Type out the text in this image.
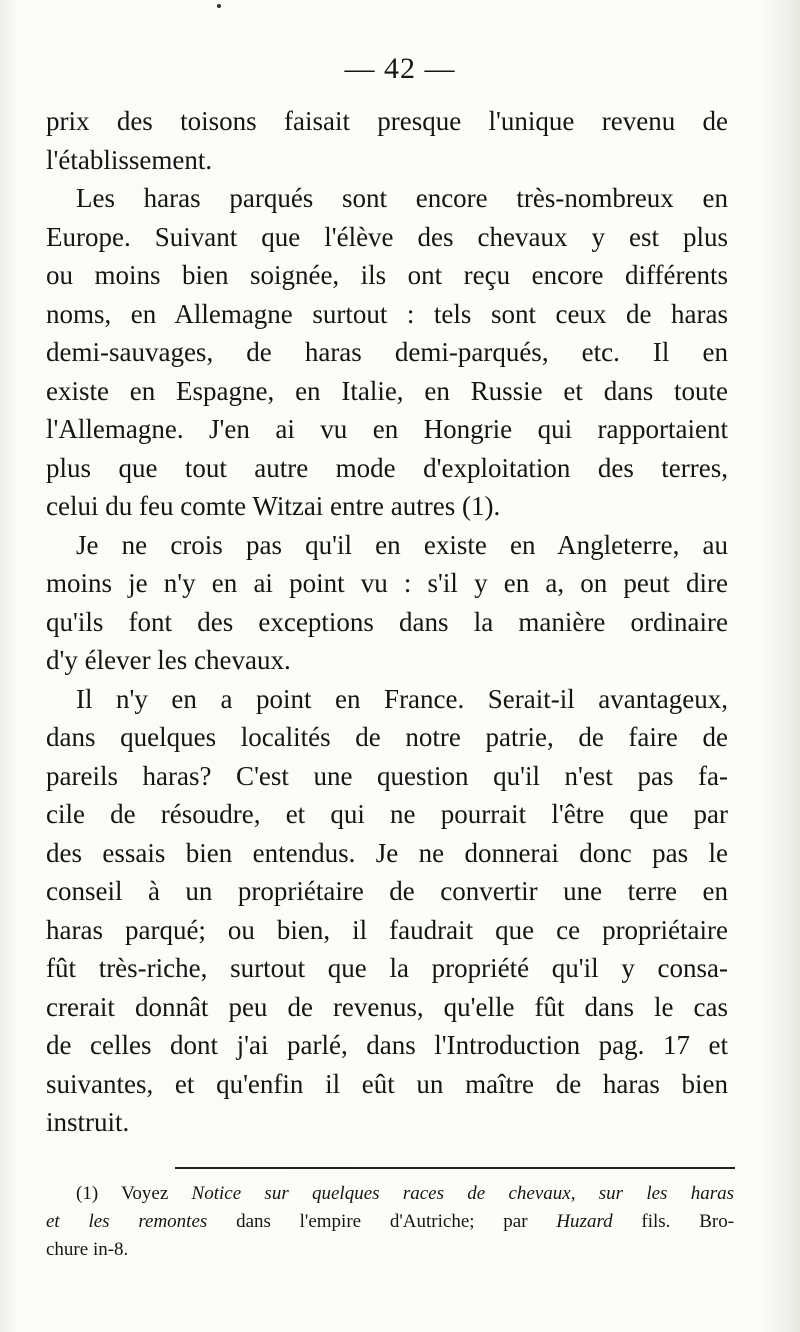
— 42 —

prix des toisons faisait presque l'unique revenu de
l'établissement.

Les haras parqués sont encore très-nombreux en
Europe. Suivant que l'élève des chevaux y est plus
ou moins bien soignée, ils ont reçu encore différents
noms, en Allemagne surtout : tels sont ceux de haras
demi-sauvages, de haras demi-parqués, etc. Il en
existe en Espagne, en Italie, en Russie et dans toute
l'Allemagne. J'en ai vu en Hongrie qui rapportaient
plus que tout autre mode d'exploitation des terres,
celui du feu comte Witzai entre autres (1).

Je ne crois pas qu'il en existe en Angleterre, au
moins je n'y en ai point vu : s'il y en a, on peut dire
qu'ils font des exceptions dans la manière ordinaire
d'y élever les chevaux.

Il n'y en a point en France. Serait-il avantageux,
dans quelques localités de notre patrie, de faire de
pareils haras? C'est une question qu'il n'est pas fa-
cile de résoudre, et qui ne pourrait l'être que par
des essais bien entendus. Je ne donnerai donc pas le
conseil à un propriétaire de convertir une terre en
haras parqué; ou bien, il faudrait que ce propriétaire
fût très-riche, surtout que la propriété qu'il y consa-
crerait donnât peu de revenus, qu'elle fût dans le cas
de celles dont j'ai parlé, dans l'Introduction pag. 17 et
suivantes, et qu'enfin il eût un maître de haras bien
instruit.

(1) Voyez Notice sur quelques races de chevaux, sur les haras
et les remontes dans l'empire d'Autriche; par Huzard fils. Bro-
chure in-8.
